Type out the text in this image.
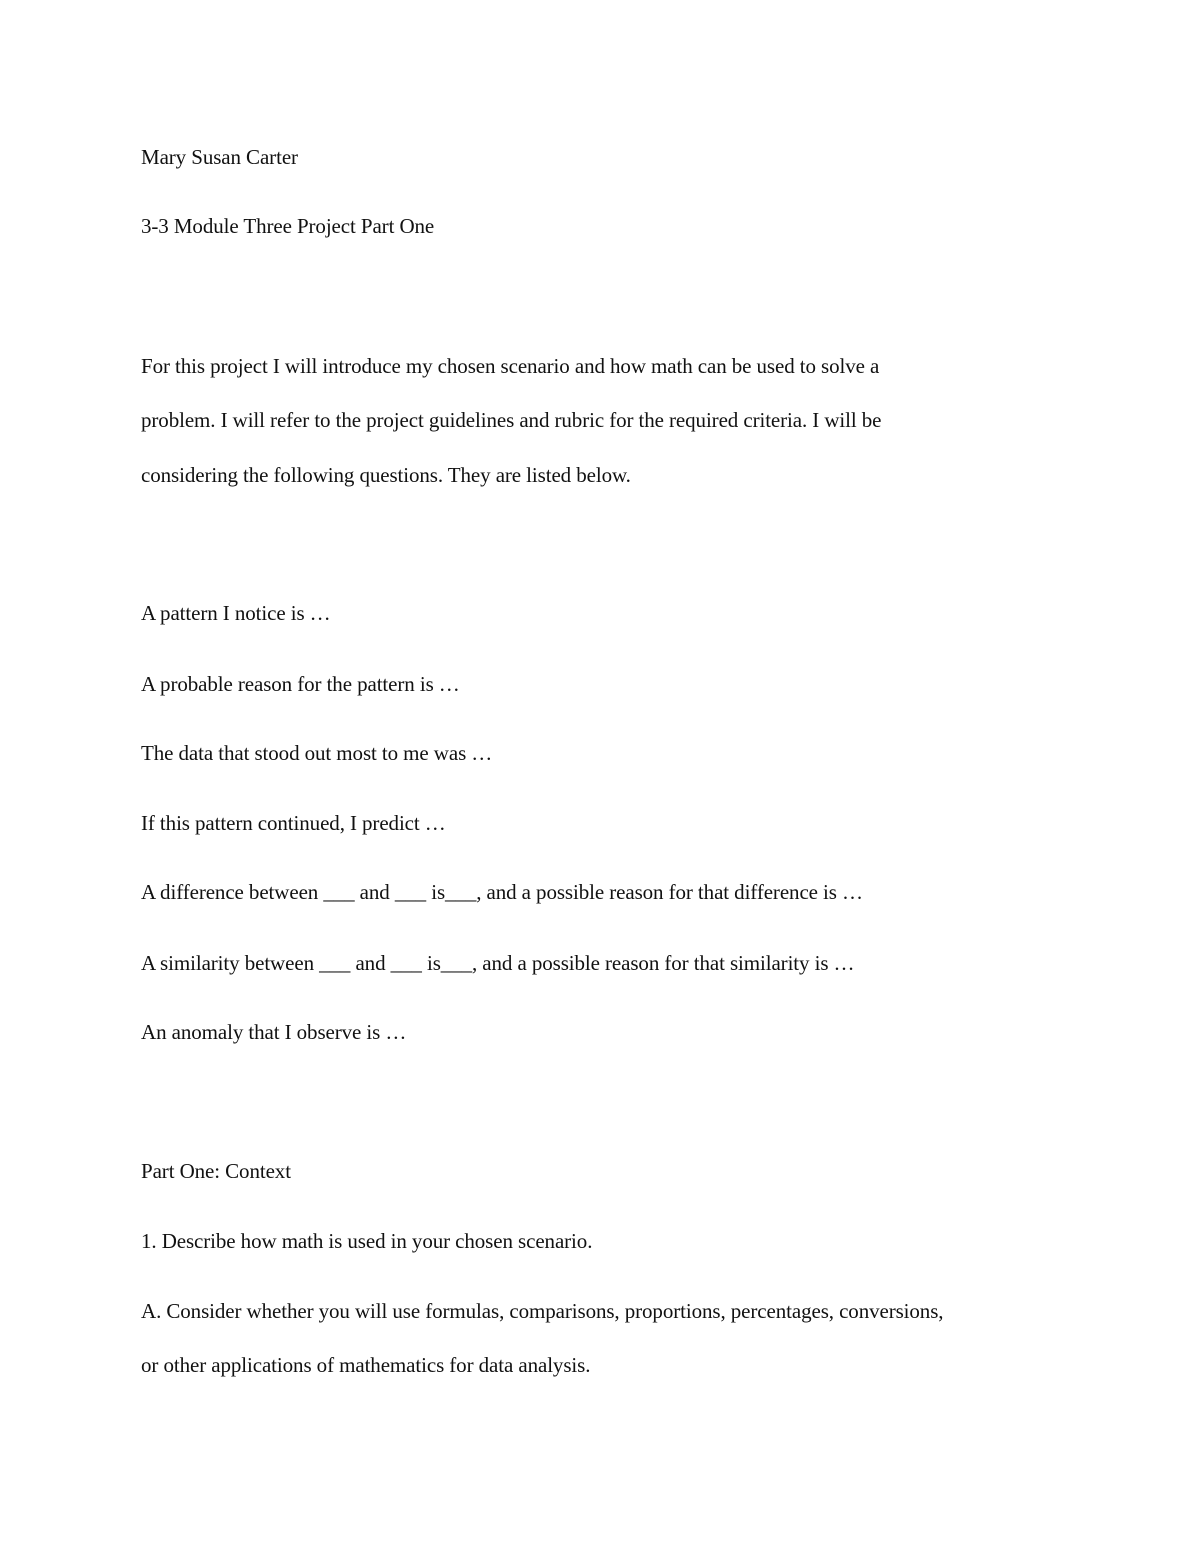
Mary Susan Carter

3-3 Module Three Project Part One

For this project I will introduce my chosen scenario and how math can be used to solve a

problem. I will refer to the project guidelines and rubric for the required criteria. I will be

considering the following questions. They are listed below.

A pattern I notice is …

A probable reason for the pattern is …

The data that stood out most to me was …

If this pattern continued, I predict …

A difference between ___ and ___ is___, and a possible reason for that difference is …

A similarity between ___ and ___ is___, and a possible reason for that similarity is …

An anomaly that I observe is …

Part One: Context

1. Describe how math is used in your chosen scenario.

A. Consider whether you will use formulas, comparisons, proportions, percentages, conversions,

or other applications of mathematics for data analysis.
